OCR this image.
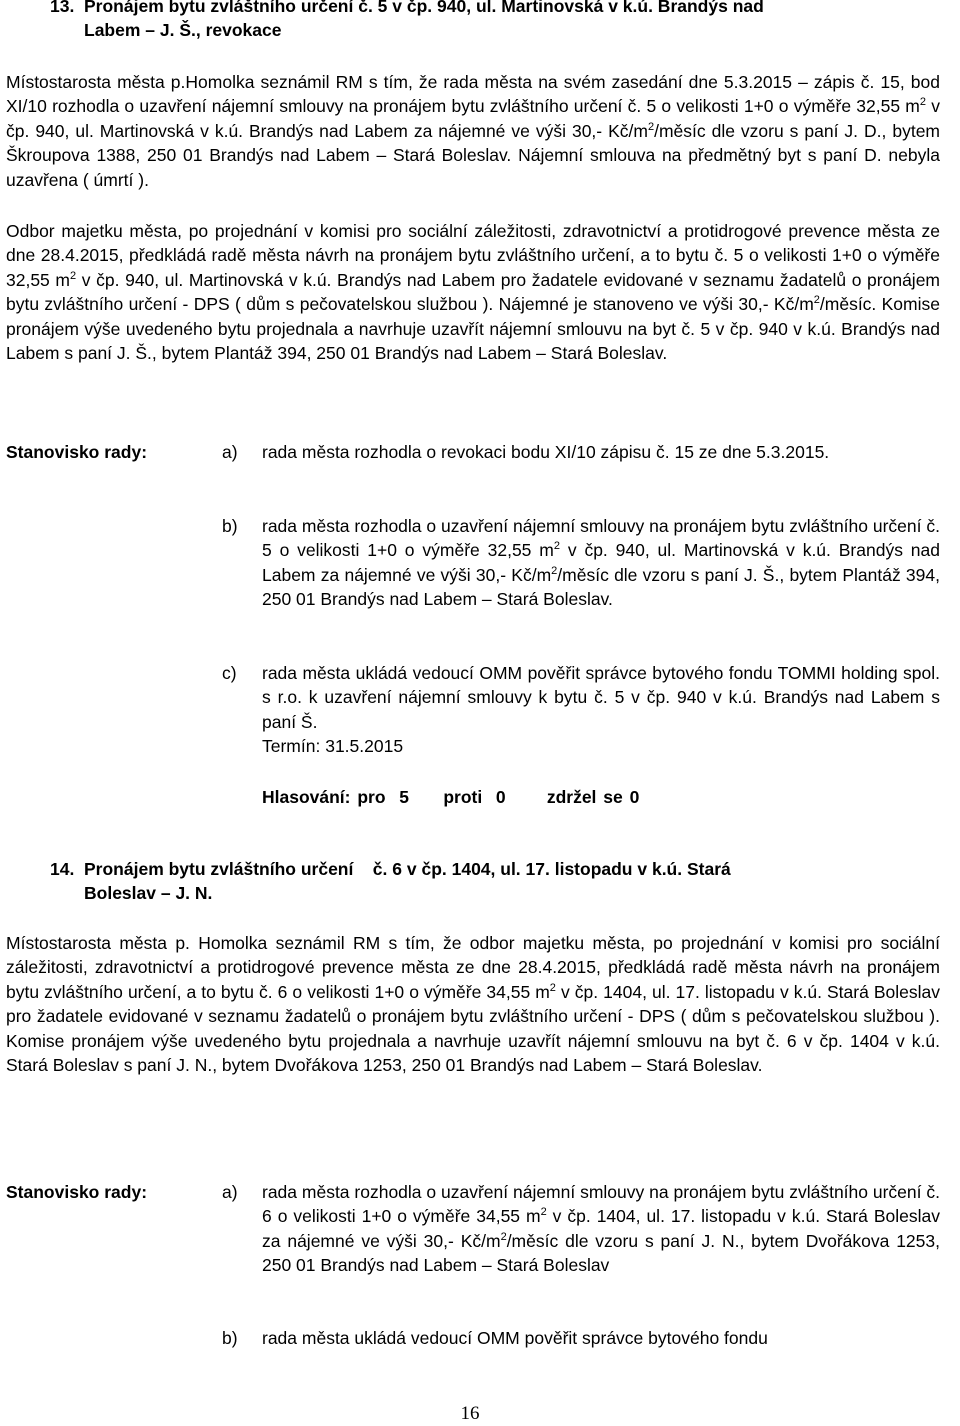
13. Pronájem bytu zvláštního určení č. 5 v čp. 940, ul. Martinovská v k.ú. Brandýs nad
Labem – J. Š., revokace
Místostarosta města p.Homolka seznámil RM s tím, že rada města na svém zasedání dne 5.3.2015 – zápis č. 15, bod XI/10 rozhodla o uzavření nájemní smlouvy na pronájem bytu zvláštního určení č. 5 o velikosti 1+0 o výměře 32,55 $m^2$ v čp. 940, ul. Martinovská v k.ú. Brandýs nad Labem za nájemné ve výši 30,- $Kč/m^2$/měsíc dle vzoru s paní J. D., bytem Škroupova 1388, 250 01 Brandýs nad Labem – Stará Boleslav. Nájemní smlouva na předmětný byt s paní D. nebyla uzavřena ( úmrtí ).
Odbor majetku města, po projednání v komisi pro sociální záležitosti, zdravotnictví a protidrogové prevence města ze dne 28.4.2015, předkládá radě města návrh na pronájem bytu zvláštního určení, a to bytu č. 5 o velikosti 1+0 o výměře 32,55 $m^2$ v čp. 940, ul. Martinovská v k.ú. Brandýs nad Labem pro žadatele evidované v seznamu žadatelů o pronájem bytu zvláštního určení - DPS ( dům s pečovatelskou službou ). Nájemné je stanoveno ve výši 30,- $Kč/m^2$/měsíc. Komise pronájem výše uvedeného bytu projednala a navrhuje uzavřít nájemní smlouvu na byt č. 5 v čp. 940 v k.ú. Brandýs nad Labem s paní J. Š., bytem Plantáž 394, 250 01 Brandýs nad Labem – Stará Boleslav.
Stanovisko rady:	a)	rada města rozhodla o revokaci bodu XI/10 zápisu č. 15 ze dne 5.3.2015.
b)	rada města rozhodla o uzavření nájemní smlouvy na pronájem bytu zvláštního určení č. 5 o velikosti 1+0 o výměře 32,55 $m^2$ v čp. 940, ul. Martinovská v k.ú. Brandýs nad Labem za nájemné ve výši 30,- $Kč/m^2$/měsíc dle vzoru s paní J. Š., bytem Plantáž 394, 250 01 Brandýs nad Labem – Stará Boleslav.
c)	rada města ukládá vedoucí OMM pověřit správce bytového fondu TOMMI holding spol. s r.o. k uzavření nájemní smlouvy k bytu č. 5 v čp. 940 v k.ú. Brandýs nad Labem s paní Š.
Termín: 31.5.2015
Hlasování: pro  5     proti  0      zdržel se 0
14. Pronájem bytu zvláštního určení    č. 6 v čp. 1404, ul. 17. listopadu v k.ú. Stará
Boleslav – J. N.
Místostarosta města p. Homolka seznámil RM s tím, že odbor majetku města, po projednání v komisi pro sociální záležitosti, zdravotnictví a protidrogové prevence města ze dne 28.4.2015, předkládá radě města návrh na pronájem bytu zvláštního určení, a to bytu č. 6 o velikosti 1+0 o výměře 34,55 $m^2$ v čp. 1404, ul. 17. listopadu v k.ú. Stará Boleslav pro žadatele evidované v seznamu žadatelů o pronájem bytu zvláštního určení - DPS ( dům s pečovatelskou službou ). Komise pronájem výše uvedeného bytu projednala a navrhuje uzavřít nájemní smlouvu na byt č. 6 v čp. 1404 v k.ú. Stará Boleslav s paní J. N., bytem Dvořákova 1253, 250 01 Brandýs nad Labem – Stará Boleslav.
Stanovisko rady:	a)	rada města rozhodla o uzavření nájemní smlouvy na pronájem bytu zvláštního určení č. 6 o velikosti 1+0 o výměře 34,55 $m^2$ v čp. 1404, ul. 17. listopadu v k.ú. Stará Boleslav za nájemné ve výši 30,- $Kč/m^2$/měsíc dle vzoru s paní J. N., bytem Dvořákova 1253, 250 01 Brandýs nad Labem – Stará Boleslav
b)	rada města ukládá vedoucí OMM pověřit správce bytového fondu
16
